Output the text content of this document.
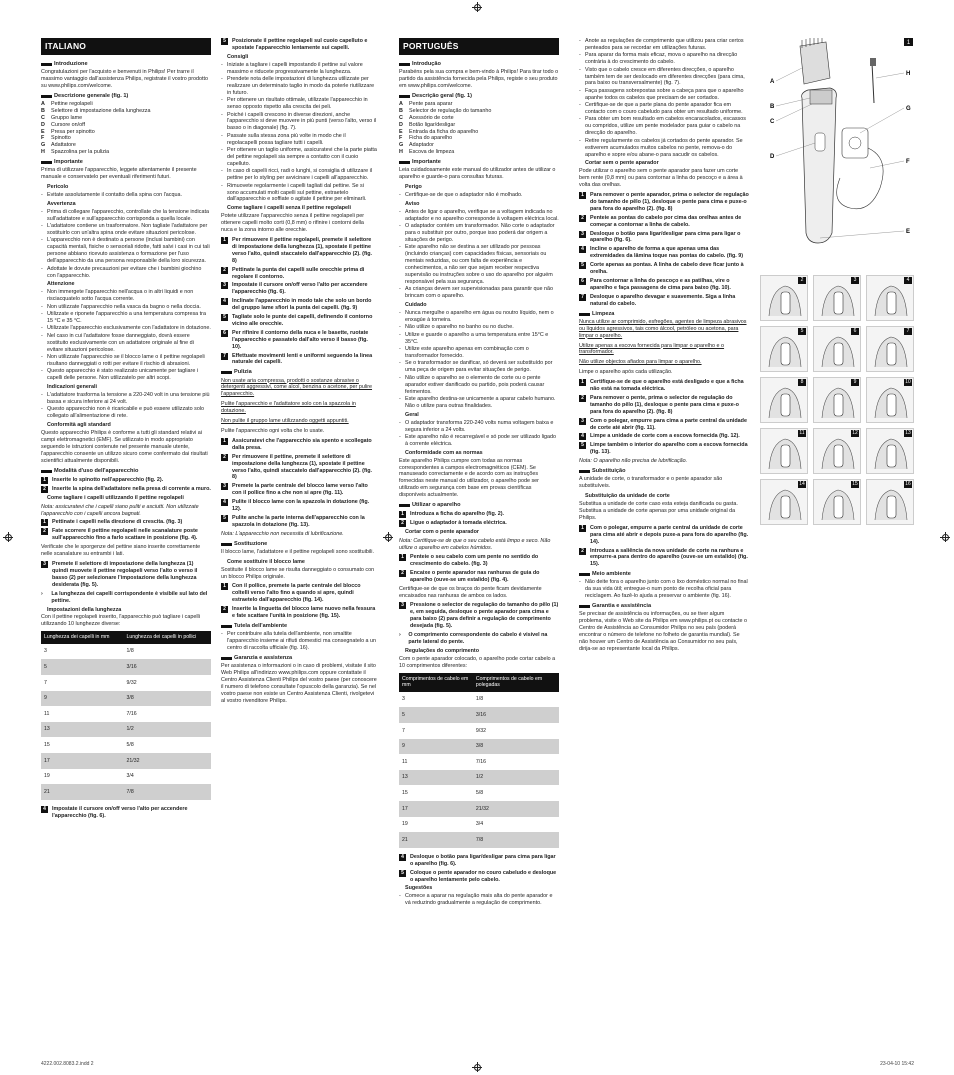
ITALIANO
Introduzione
Congratulazioni per l'acquisto e benvenuti in Philips! Per trarre il massimo vantaggio dall'assistenza Philips, registrate il vostro prodotto su www.philips.com/welcome.
Descrizione generale (fig. 1)
A	Pettine regolapeli
B	Selettore di impostazione della lunghezza
C	Gruppo lame
D	Cursore on/off
E	Presa per spinotto
F	Spinotto
G	Adattatore
H	Spazzolina per la pulizia
Importante
Prima di utilizzare l'apparecchio, leggete attentamente il presente manuale e conservatelo per eventuali riferimenti futuri.
Pericolo
- Evitate assolutamente il contatto della spina con l'acqua.
Avvertenza
- Prima di collegare l'apparecchio, controllate che la tensione indicata sull'adattatore e sull'apparecchio corrisponda a quella locale.
- L'adattatore contiene un trasformatore. Non tagliate l'adattatore per sostituirlo con un'altra spina onde evitare situazioni pericolose.
- L'apparecchio non è destinato a persone (inclusi bambini) con capacità mentali, fisiche o sensoriali ridotte, fatti salvi i casi in cui tali persone abbiano ricevuto assistenza o formazione per l'uso dell'apparecchio da una persona responsabile della loro sicurezza.
- Adottate le dovute precauzioni per evitare che i bambini giochino con l'apparecchio.
Attenzione
- Non immergete l'apparecchio nell'acqua o in altri liquidi e non risciacquatelo sotto l'acqua corrente.
- Non utilizzate l'apparecchio nella vasca da bagno o nella doccia.
- Utilizzate e riponete l'apparecchio a una temperatura compresa tra 15 °C e 35 °C.
- Utilizzate l'apparecchio esclusivamente con l'adattatore in dotazione.
- Nel caso in cui l'adattatore fosse danneggiato, dovrà essere sostituito esclusivamente con un adattatore originale al fine di evitare situazioni pericolose.
- Non utilizzate l'apparecchio se il blocco lame o il pettine regolapeli risultano danneggiati o rotti per evitare il rischio di abrasioni.
- Questo apparecchio è stato realizzato unicamente per tagliare i capelli delle persone. Non utilizzatelo per altri scopi.
Indicazioni generali
- L'adattatore trasforma la tensione a 220-240 volt in una tensione più bassa e sicura inferiore ai 24 volt.
- Questo apparecchio non è ricaricabile e può essere utilizzato solo collegato all'alimentazione di rete.
Conformità agli standard
Questo apparecchio Philips è conforme a tutti gli standard relativi ai campi elettromagnetici (EMF). Se utilizzato in modo appropriato seguendo le istruzioni contenute nel presente manuale utente, l'apparecchio consente un utilizzo sicuro come confermato dai risultati scientifici attualmente disponibili.
Modalità d'uso dell'apparecchio
1	Inserite lo spinotto nell'apparecchio (fig. 2).
2	Inserite la spina dell'adattatore nella presa di corrente a muro.
Come tagliare i capelli utilizzando il pettine regolapeli
Nota: assicuratevi che i capelli siano puliti e asciutti. Non utilizzate l'apparecchio con i capelli ancora bagnati.
1	Pettinate i capelli nella direzione di crescita. (fig. 3)
2	Fate scorrere il pettine regolapeli nelle scanalature poste sull'apparecchio fino a farlo scattare in posizione (fig. 4).
Verificate che le sporgenze del pettine siano inserite correttamente nelle scanalature su entrambi i lati.
3	Premete il selettore di impostazione della lunghezza (1) quindi muovete il pettine regolapeli verso l'alto o verso il basso (2) per selezionare l'impostazione della lunghezza desiderata (fig. 5).
›	La lunghezza dei capelli corrispondente è visibile sul lato del pettine.
Impostazioni della lunghezza
Con il pettine regolapeli inserito, l'apparecchio può tagliare i capelli utilizzando 10 lunghezze diverse:
Lunghezza dei capelli in mm	Lunghezza dei capelli in pollici
3	1/8
5	3/16
7	9/32
9	3/8
11	7/16
13	1/2
15	5/8
17	21/32
19	3/4
21	7/8
4	Impostate il cursore on/off verso l'alto per accendere l'apparecchio (fig. 6).
5	Posizionate il pettine regolapeli sul cuoio capelluto e spostate l'apparecchio lentamente sui capelli.
Consigli
- Iniziate a tagliare i capelli impostando il pettine sul valore massimo e riducete progressivamente la lunghezza.
- Prendete nota delle impostazioni di lunghezza utilizzate per realizzare un determinato taglio in modo da poterle riutilizzare in futuro.
- Per ottenere un risultato ottimale, utilizzate l'apparecchio in senso opposto rispetto alla crescita dei peli.
- Poiché i capelli crescono in diverse direzioni, anche l'apparecchio si deve muovere in più punti (verso l'alto, verso il basso o in diagonale) (fig. 7).
- Passate sulla stessa zona più volte in modo che il regolacapelli possa tagliare tutti i capelli.
- Per ottenere un taglio uniforme, assicuratevi che la parte piatta del pettine regolapeli sia sempre a contatto con il cuoio capelluto.
- In caso di capelli ricci, radi o lunghi, si consiglia di utilizzare il pettine per lo styling per avvicinare i capelli all'apparecchio.
- Rimuovete regolarmente i capelli tagliati dal pettine. Se si sono accumulati molti capelli sul pettine, estraetelo dall'apparecchio e soffiate o agitate il pettine per eliminarli.
Come tagliare i capelli senza il pettine regolapeli
Potete utilizzare l'apparecchio senza il pettine regolapeli per ottenere capelli molto corti (0,8 mm) o rifinire i contorni della nuca e la zona intorno alle orecchie.
1	Per rimuovere il pettine regolapeli, premete il selettore di impostazione della lunghezza (1), spostate il pettine verso l'alto, quindi staccatelo dall'apparecchio (2). (fig. 8)
2	Pettinate la punta dei capelli sulle orecchie prima di regolare il contorno.
3	Impostate il cursore on/off verso l'alto per accendere l'apparecchio (fig. 6).
4	Inclinate l'apparecchio in modo tale che solo un bordo del gruppo lame sfiori la punta dei capelli. (fig. 9)
5	Tagliate solo le punte dei capelli, definendo il contorno vicino alle orecchie.
6	Per rifinire il contorno della nuca e le basette, ruotate l'apparecchio e passatelo dall'alto verso il basso (fig. 10).
7	Effettuate movimenti lenti e uniformi seguendo la linea naturale dei capelli.
Pulizia
Non usate aria compressa, prodotti o sostanze abrasive o detergenti aggressivi, come alcol, benzina o acetone, per pulire l'apparecchio.
Pulite l'apparecchio e l'adattatore solo con la spazzola in dotazione.
Non pulite il gruppo lame utilizzando oggetti appuntiti.
Pulite l'apparecchio ogni volta che lo usate.
1	Assicuratevi che l'apparecchio sia spento e scollegato dalla presa.
2	Per rimuovere il pettine, premete il selettore di impostazione della lunghezza (1), spostate il pettine verso l'alto, quindi staccatelo dall'apparecchio (2). (fig. 8)
3	Premete la parte centrale del blocco lame verso l'alto con il pollice fino a che non si apre (fig. 11).
4	Pulite il blocco lame con la spazzola in dotazione (fig. 12).
5	Pulite anche la parte interna dell'apparecchio con la spazzola in dotazione (fig. 13).
Nota: L'apparecchio non necessita di lubrificazione.
Sostituzione
Il blocco lame, l'adattatore e il pettine regolapeli sono sostituibili.
Come sostituire il blocco lame
Sostituite il blocco lame se risulta danneggiato o consumato con un blocco Philips originale.
1	Con il pollice, premete la parte centrale del blocco coltelli verso l'alto fino a quando si apre, quindi estraetelo dall'apparecchio (fig. 14).
2	Inserite la linguetta del blocco lame nuovo nella fessura e fate scattare l'unità in posizione (fig. 15).
Tutela dell'ambiente
- Per contribuire alla tutela dell'ambiente, non smaltite l'apparecchio insieme ai rifiuti domestici ma consegnatelo a un centro di raccolta ufficiale (fig. 16).
Garanzia e assistenza
Per assistenza o informazioni o in caso di problemi, visitate il sito Web Philips all'indirizzo www.philips.com oppure contattate il Centro Assistenza Clienti Philips del vostro paese (per conoscere il numero di telefono consultate l'opuscolo della garanzia). Se nel vostro paese non esiste un Centro Assistenza Clienti, rivolgetevi al vostro rivenditore Philips.
PORTUGUÊS
Introdução
Parabéns pela sua compra e bem-vindo à Philips! Para tirar todo o partido da assistência fornecida pela Philips, registe o seu produto em www.philips.com/welcome.
Descrição geral (fig. 1)
A	Pente para aparar
B	Selector de regulação do tamanho
C	Acessório de corte
D	Botão ligar/desligar
E	Entrada da ficha do aparelho
F	Ficha do aparelho
G	Adaptador
H	Escova de limpeza
Importante
Leia cuidadosamente este manual do utilizador antes de utilizar o aparelho e guarde-o para consultas futuras.
Perigo
- Certifique-se de que o adaptador não é molhado.
Aviso
- Antes de ligar o aparelho, verifique se a voltagem indicada no adaptador e no aparelho corresponde à voltagem eléctrica local.
- O adaptador contém um transformador. Não corte o adaptador para o substituir por outro, porque isso poderá dar origem a situações de perigo.
- Este aparelho não se destina a ser utilizado por pessoas (incluindo crianças) com capacidades físicas, sensoriais ou mentais reduzidas, ou com falta de experiência e conhecimentos, a não ser que sejam receber respectiva supervisão ou instruções sobre o uso do aparelho por alguém responsável pela sua segurança.
- As crianças devem ser supervisionadas para garantir que não brincam com o aparelho.
Cuidado
- Nunca mergulhe o aparelho em água ou noutro líquido, nem o enxagúe à torneira.
- Não utilize o aparelho no banho ou no duche.
- Utilize e guarde o aparelho a uma temperatura entre 15°C e 35°C.
- Utilize este aparelho apenas em combinação com o transformador fornecido.
- Se o transformador se danificar, só deverá ser substituído por uma peça de origem para evitar situações de perigo.
- Não utilize o aparelho se o elemento de corte ou o pente aparador estiver danificado ou partido, pois poderá causar ferimentos.
- Este aparelho destina-se unicamente a aparar cabelo humano. Não o utilize para outras finalidades.
Geral
- O adaptador transforma 220-240 volts numa voltagem baixa e segura inferior a 24 volts.
- Este aparelho não é recarregável e só pode ser utilizado ligado à corrente eléctrica.
Conformidade com as normas
Este aparelho Philips cumpre com todas as normas correspondentes a campos electromagnéticos (CEM). Se manuseado correctamente e de acordo com as instruções fornecidas neste manual do utilizador, o aparelho pode ser utilizado em segurança com base em provas científicas disponíveis actualmente.
Utilizar o aparelho
1	Introduza a ficha do aparelho (fig. 2).
2	Ligue o adaptador à tomada eléctrica.
Cortar com o pente aparador
Nota: Certifique-se de que o seu cabelo está limpo e seco. Não utilize o aparelho em cabelos húmidos.
1	Penteie o seu cabelo com um pente no sentido do crescimento do cabelo. (fig. 3)
2	Encaixe o pente aparador nas ranhuras de guia do aparelho (ouve-se um estalido) (fig. 4).
Certifique-se de que os braços do pente ficam devidamente encaixados nas ranhuras de ambos os lados.
3	Pressione o selector de regulação do tamanho do pêlo (1) e, em seguida, desloque o pente aparador para cima e para baixo (2) para definir a regulação de comprimento desejada (fig. 5).
›	O comprimento correspondente do cabelo é visível na parte lateral do pente.
Regulações do comprimento
Com o pente aparador colocado, o aparelho pode cortar cabelo a 10 comprimentos diferentes:
Comprimentos de cabelo em mm	Comprimentos de cabelo em polegadas
3	1/8
5	3/16
7	9/32
9	3/8
11	7/16
13	1/2
15	5/8
17	21/32
19	3/4
21	7/8
4	Desloque o botão para ligar/desligar para cima para ligar o aparelho (fig. 6).
5	Coloque o pente aparador no couro cabeludo e desloque o aparelho lentamente pelo cabelo.
Sugestões
- Comece a aparar na regulação mais alta do pente aparador e vá reduzindo gradualmente a regulação de comprimento.
- Anote as regulações de comprimento que utilizou para criar certos penteados para se recordar em utilizações futuras.
- Para aparar da forma mais eficaz, mova o aparelho na direcção contrária à do crescimento do cabelo.
- Visto que o cabelo cresce em diferentes direcções, o aparelho também tem de ser deslocado em diferentes direcções (para cima, para baixo ou transversalmente) (fig. 7).
- Faça passagens sobrepostas sobre a cabeça para que o aparelho apanhe todos os cabelos que precisam de ser cortados.
- Certifique-se de que a parte plana do pente aparador fica em contacto com o couro cabeludo para obter um resultado uniforme.
- Para obter um bom resultado em cabelos encaracolados, escassos ou compridos, utilize um pente modelador para guiar o cabelo na direcção do aparelho.
- Retire regularmente os cabelos já cortados do pente aparador. Se estiverem acumulados muitos cabelos no pente, remova-o do aparelho e sopre e/ou abane-o para sacudir os cabelos.
Cortar sem o pente aparador
Pode utilizar o aparelho sem o pente aparador para fazer um corte bem rente (0,8 mm) ou para contornar a linha do pescoço e a área à volta das orelhas.
1	Para remover o pente aparador, prima o selector de regulação do tamanho de pêlo (1), desloque o pente para cima e puxe-o para fora do aparelho (2). (fig. 8)
2	Penteie as pontas do cabelo por cima das orelhas antes de começar a contornar a linha de cabelo.
3	Desloque o botão para ligar/desligar para cima para ligar o aparelho (fig. 6).
4	Incline o aparelho de forma a que apenas uma das extremidades da lâmina toque nas pontas do cabelo. (fig. 9)
5	Corte apenas as pontas. A linha de cabelo deve ficar junto à orelha.
6	Para contornar a linha do pescoço e as patilhas, vire o aparelho e faça passagens de cima para baixo (fig. 10).
7	Desloque o aparelho devagar e suavemente. Siga a linha natural do cabelo.
Limpeza
Nunca utilize ar comprimido, esfregões, agentes de limpeza abrasivos ou líquidos agressivos, tais como álcool, petróleo ou acetona, para limpar o aparelho.
Utilize apenas a escova fornecida para limpar o aparelho e o transformador.
Não utilize objectos afiados para limpar o aparelho.
Limpe o aparelho após cada utilização.
1	Certifique-se de que o aparelho está desligado e que a ficha não está na tomada eléctrica.
2	Para remover o pente, prima o selector de regulação do tamanho do pêlo (1), desloque o pente para cima e puxe-o para fora do aparelho (2). (fig. 8)
3	Com o polegar, empurre para cima a parte central da unidade de corte até abrir (fig. 11).
4	Limpe a unidade de corte com a escova fornecida (fig. 12).
5	Limpe também o interior do aparelho com a escova fornecida (fig. 13).
Nota: O aparelho não precisa de lubrificação.
Substituição
A unidade de corte, o transformador e o pente aparador são substituíveis.
Substituição da unidade de corte
Substitua a unidade de corte caso esta esteja danificada ou gasta. Substitua a unidade de corte apenas por uma unidade original da Philips.
1	Com o polegar, empurre a parte central da unidade de corte para cima até abrir e depois puxe-a para fora do aparelho (fig. 14).
2	Introduza a saliência da nova unidade de corte na ranhura e empurre-a para dentro do aparelho (ouve-se um estalido) (fig. 15).
Meio ambiente
- Não deite fora o aparelho junto com o lixo doméstico normal no final da sua vida útil; entregue-o num ponto de recolha oficial para reciclagem. Ao fazê-lo ajuda a preservar o ambiente (fig. 16).
Garantia e assistência
Se precisar de assistência ou informações, ou se tiver algum problema, visite o Web site da Philips em www.philips.pt ou contacte o Centro de Assistência ao Consumidor Philips no seu país (poderá encontrar o número de telefone no folheto de garantia mundial). Se não houver um Centro de Assistência ao Consumidor no seu país, dirija-se ao representante local da Philips.
1
A
B
C
D
E
F
G
H
2	3	4
5	6	7
8	9	10
11	12	13
14	15	16
4222.002.8083.2.indd 2	23-04-10 15:42
